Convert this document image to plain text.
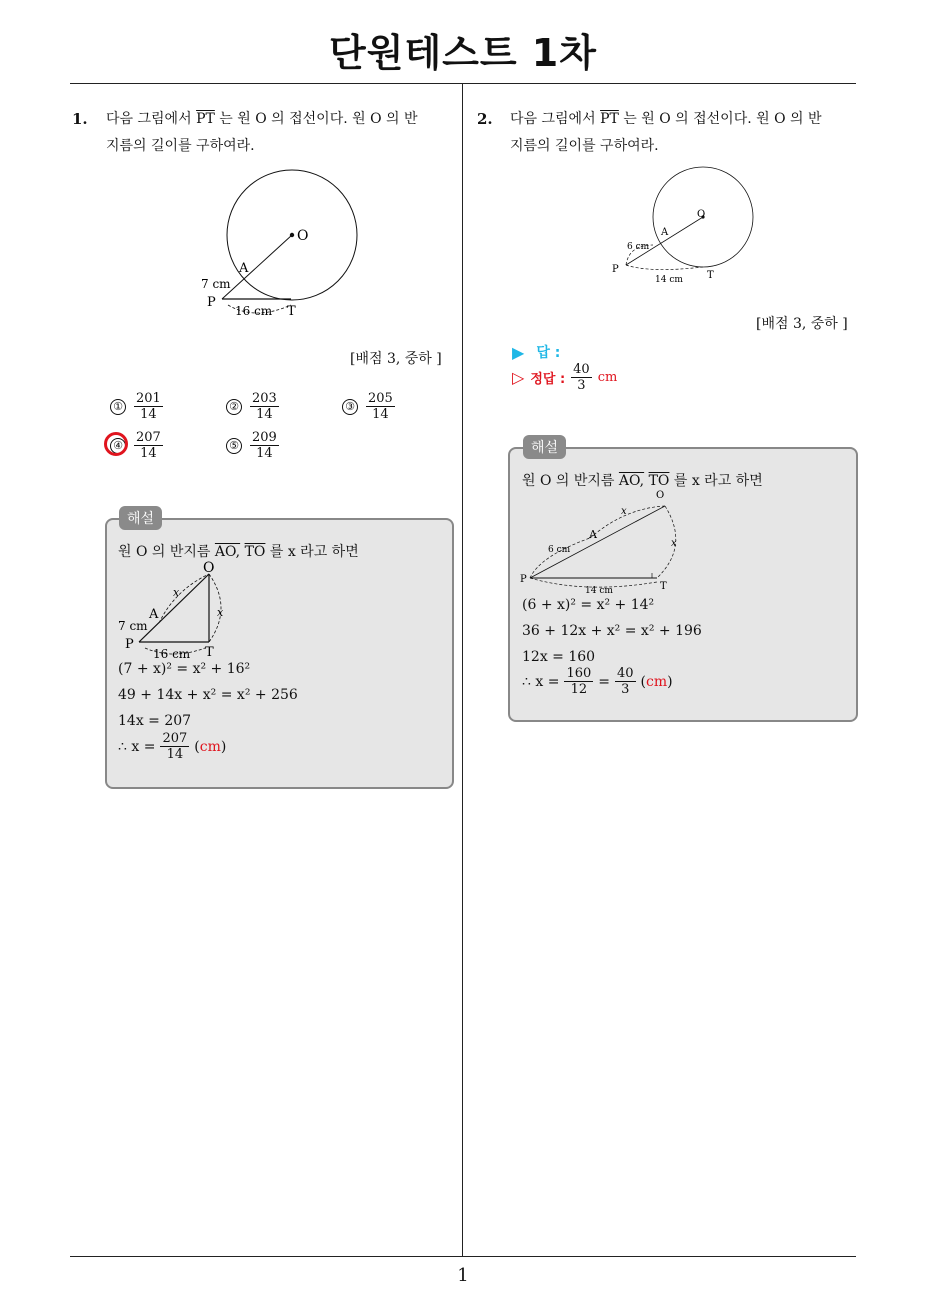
단원테스트 1차
1
1. 다음 그림에서 $\overline{PT}$ 는 원 O 의 접선이다. 원 O 의 반
지름의 길이를 구하여라.
O
A
P
T
7 cm
16 cm
[배점 3, 중하 ]
① $\frac{201}{14}$	② $\frac{203}{14}$	③ $\frac{205}{14}$
④ $\frac{207}{14}$	⑤ $\frac{209}{14}$
해설
원 O 의 반지름 AO, $\overline{TO}$ 를 x 라고 하면
O
A
P
T
7 cm
16 cm
x
x
(7 + x)² = x² + 16²
49 + 14x + x² = x² + 256
14x = 207
∴ $x = \frac{207}{14} (cm)$
2. 다음 그림에서 $\overline{PT}$ 는 원 O 의 접선이다. 원 O 의 반
지름의 길이를 구하여라.
O
A
P
T
6 cm
14 cm
[배점 3, 중하 ]
▶ 답 :
▷ 정답 : $\frac{40}{3}$ cm
해설
원 O 의 반지름 AO, $\overline{TO}$ 를 x 라고 하면
O
A
P
T
6 cm
14 cm
x
x
(6 + x)² = x² + 14²
36 + 12x + x² = x² + 196
12x = 160
∴ $x = \frac{160}{12} = \frac{40}{3} (cm)$
